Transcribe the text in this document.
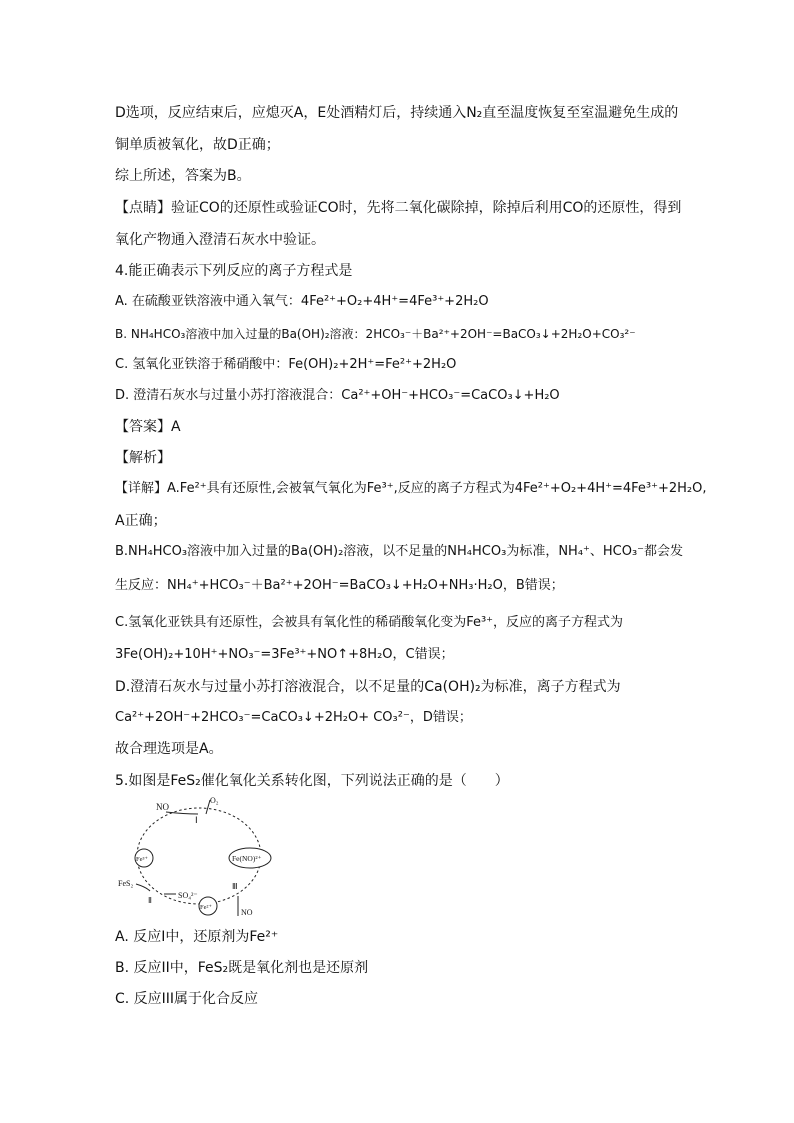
D选项，反应结束后，应熄灭A，E处酒精灯后，持续通入N₂直至温度恢复至室温避免生成的
铜单质被氧化，故D正确；
综上所述，答案为B。
【点睛】验证CO的还原性或验证CO时，先将二氧化碳除掉，除掉后利用CO的还原性，得到
氧化产物通入澄清石灰水中验证。
4.能正确表示下列反应的离子方程式是
A. 在硫酸亚铁溶液中通入氧气：4Fe²⁺+O₂+4H⁺=4Fe³⁺+2H₂O
B. NH₄HCO₃溶液中加入过量的Ba(OH)₂溶液：2HCO₃⁻＋Ba²⁺+2OH⁻=BaCO₃↓+2H₂O+CO₃²⁻
C. 氢氧化亚铁溶于稀硝酸中：Fe(OH)₂+2H⁺=Fe²⁺+2H₂O
D. 澄清石灰水与过量小苏打溶液混合：Ca²⁺+OH⁻+HCO₃⁻=CaCO₃↓+H₂O
【答案】A
【解析】
【详解】A.Fe²⁺具有还原性,会被氧气氧化为Fe³⁺,反应的离子方程式为4Fe²⁺+O₂+4H⁺=4Fe³⁺+2H₂O,
A正确；
B.NH₄HCO₃溶液中加入过量的Ba(OH)₂溶液，以不足量的NH₄HCO₃为标准，NH₄⁺、HCO₃⁻都会发
生反应：NH₄⁺+HCO₃⁻＋Ba²⁺+2OH⁻=BaCO₃↓+H₂O+NH₃·H₂O，B错误；
C.氢氧化亚铁具有还原性，会被具有氧化性的稀硝酸氧化变为Fe³⁺，反应的离子方程式为
3Fe(OH)₂+10H⁺+NO₃⁻=3Fe³⁺+NO↑+8H₂O，C错误；
D.澄清石灰水与过量小苏打溶液混合，以不足量的Ca(OH)₂为标准，离子方程式为
Ca²⁺+2OH⁻+2HCO₃⁻=CaCO₃↓+2H₂O+ CO₃²⁻，D错误；
故合理选项是A。
5.如图是FeS₂催化氧化关系转化图，下列说法正确的是（　　）
NO
O₂
Ⅰ
Fe³⁺	Fe(NO)²⁺
FeS₂
Ⅱ
SO₄²⁻
Fe²⁺
Ⅲ
NO
A. 反应I中，还原剂为Fe²⁺
B. 反应II中，FeS₂既是氧化剂也是还原剂
C. 反应III属于化合反应
